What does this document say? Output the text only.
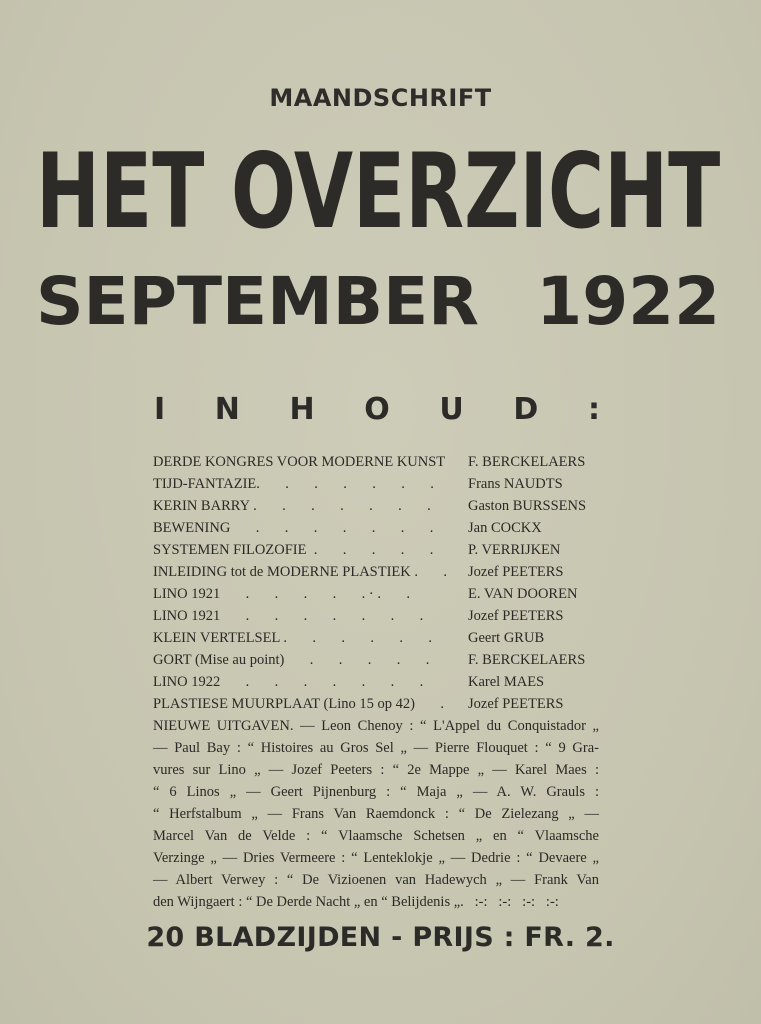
MAANDSCHRIFT
HET OVERZICHT
SEPTEMBER 1922
I N H O U D :
DERDE KONGRES VOOR MODERNE KUNST	F. BERCKELAERS
TIJD-FANTAZIE.       .       .       .       .       .       .	Frans NAUDTS
KERIN BARRY .       .       .       .       .       .       .	Gaston BURSSENS
BEWENING       .       .       .       .       .       .       .	Jan COCKX
SYSTEMEN FILOZOFIE  .       .       .       .       .	P. VERRIJKEN
INLEIDING tot de MODERNE PLASTIEK .       .	Jozef PEETERS
LINO 1921       .       .       .       .       . · .       .	E. VAN DOOREN
LINO 1921       .       .       .       .       .       .       .	Jozef PEETERS
KLEIN VERTELSEL .       .       .       .       .       .	Geert GRUB
GORT (Mise au point)       .       .       .       .       .	F. BERCKELAERS
LINO 1922       .       .       .       .       .       .       .	Karel MAES
PLASTIESE MUURPLAAT (Lino 15 op 42)       .	Jozef PEETERS
NIEUWE UITGAVEN. — Leon Chenoy : “ L'Appel du Conquistador „
— Paul Bay : “ Histoires au Gros Sel „ — Pierre Flouquet : “ 9 Gra-
vures sur Lino „ — Jozef Peeters : “ 2e Mappe „ — Karel Maes :
“ 6 Linos „ — Geert Pijnenburg : “ Maja „ — A. W. Grauls :
“ Herfstalbum „ — Frans Van Raemdonck : “ De Zielezang „ —
Marcel Van de Velde : “ Vlaamsche Schetsen „ en “ Vlaamsche
Verzinge „ — Dries Vermeere : “ Lenteklokje „ — Dedrie : “ Devaere „
— Albert Verwey : “ De Vizioenen van Hadewych „ — Frank Van
den Wijngaert : “ De Derde Nacht „ en “ Belijdenis „.   :-:   :-:   :-:   :-:
20 BLADZIJDEN - PRIJS : FR. 2.
